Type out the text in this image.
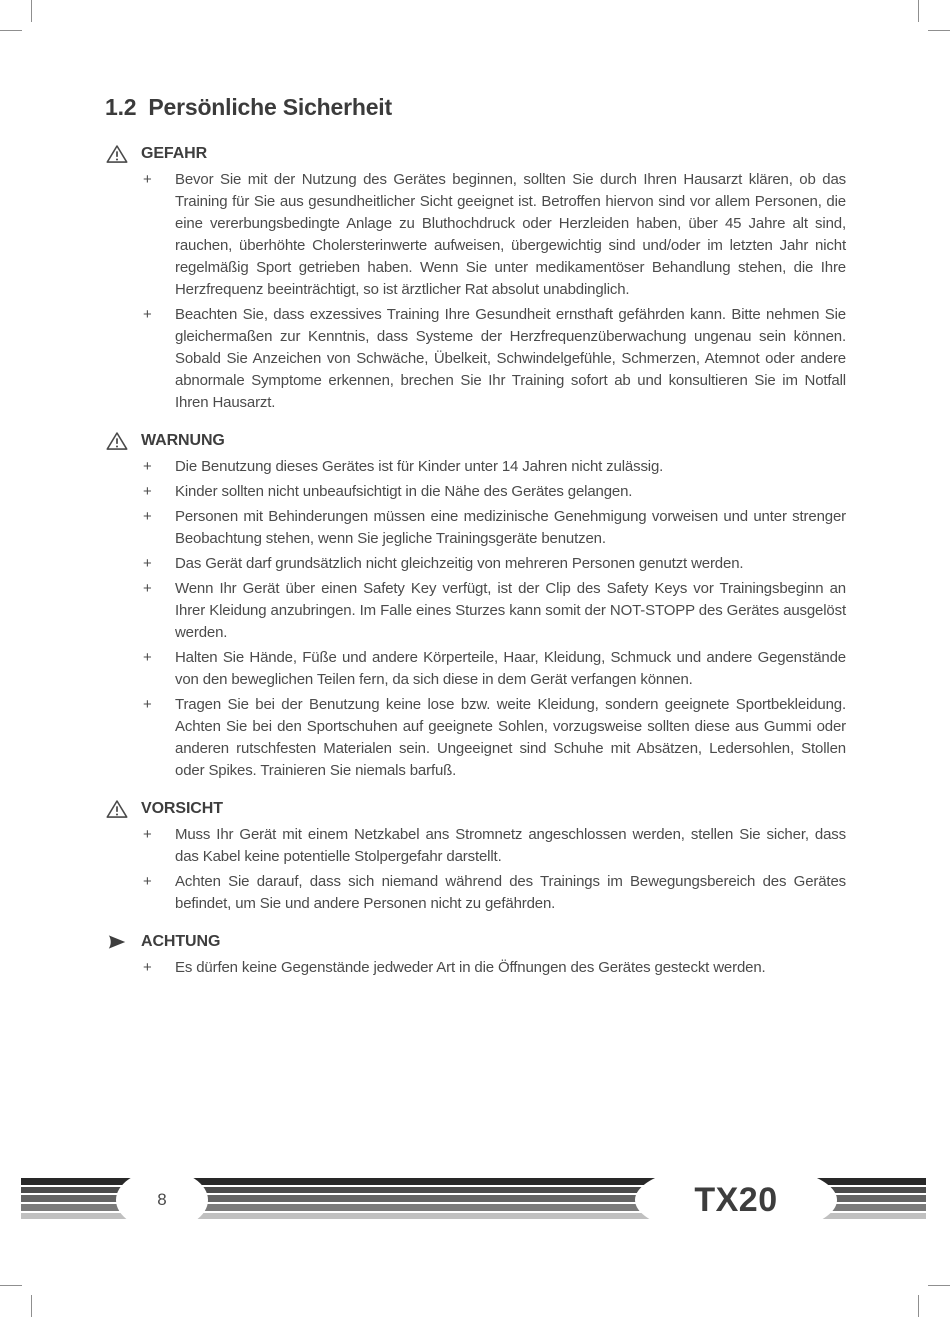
1.2 Persönliche Sicherheit
GEFAHR
+	Bevor Sie mit der Nutzung des Gerätes beginnen, sollten Sie durch Ihren Hausarzt klären, ob das Training für Sie aus gesundheitlicher Sicht geeignet ist. Betroffen hiervon sind vor allem Personen, die eine vererbungsbedingte Anlage zu Bluthochdruck oder Herzleiden haben, über 45 Jahre alt sind, rauchen, überhöhte Cholersterinwerte aufweisen, übergewichtig sind und/oder im letzten Jahr nicht regelmäßig Sport getrieben haben. Wenn Sie unter medikamentöser Behandlung stehen, die Ihre Herzfrequenz beeinträchtigt, so ist ärztlicher Rat absolut unabdinglich.
+	Beachten Sie, dass exzessives Training Ihre Gesundheit ernsthaft gefährden kann. Bitte nehmen Sie gleichermaßen zur Kenntnis, dass Systeme der Herzfrequenzüberwachung ungenau sein können. Sobald Sie Anzeichen von Schwäche, Übelkeit, Schwindelgefühle, Schmerzen, Atemnot oder andere abnormale Symptome erkennen, brechen Sie Ihr Training sofort ab und konsultieren Sie im Notfall Ihren Hausarzt.
WARNUNG
+	Die Benutzung dieses Gerätes ist für Kinder unter 14 Jahren nicht zulässig.
+	Kinder sollten nicht unbeaufsichtigt in die Nähe des Gerätes gelangen.
+	Personen mit Behinderungen müssen eine medizinische Genehmigung vorweisen und unter strenger Beobachtung stehen, wenn Sie jegliche Trainingsgeräte benutzen.
+	Das Gerät darf grundsätzlich nicht gleichzeitig von mehreren Personen genutzt werden.
+	Wenn Ihr Gerät über einen Safety Key verfügt, ist der Clip des Safety Keys vor Trainingsbeginn an Ihrer Kleidung anzubringen. Im Falle eines Sturzes kann somit der NOT-STOPP des Gerätes ausgelöst werden.
+	Halten Sie Hände, Füße und andere Körperteile, Haar, Kleidung, Schmuck und andere Gegenstände von den beweglichen Teilen fern, da sich diese in dem Gerät verfangen können.
+	Tragen Sie bei der Benutzung keine lose bzw. weite Kleidung, sondern geeignete Sportbekleidung. Achten Sie bei den Sportschuhen auf geeignete Sohlen, vorzugsweise sollten diese aus Gummi oder anderen rutschfesten Materialen sein. Ungeeignet sind Schuhe mit Absätzen, Ledersohlen, Stollen oder Spikes. Trainieren Sie niemals barfuß.
VORSICHT
+	Muss Ihr Gerät mit einem Netzkabel ans Stromnetz angeschlossen werden, stellen Sie sicher, dass das Kabel keine potentielle Stolpergefahr darstellt.
+	Achten Sie darauf, dass sich niemand während des Trainings im Bewegungsbereich des Gerätes befindet, um Sie und andere Personen nicht zu gefährden.
ACHTUNG
+	Es dürfen keine Gegenstände jedweder Art in die Öffnungen des Gerätes gesteckt werden.
8	TX20
